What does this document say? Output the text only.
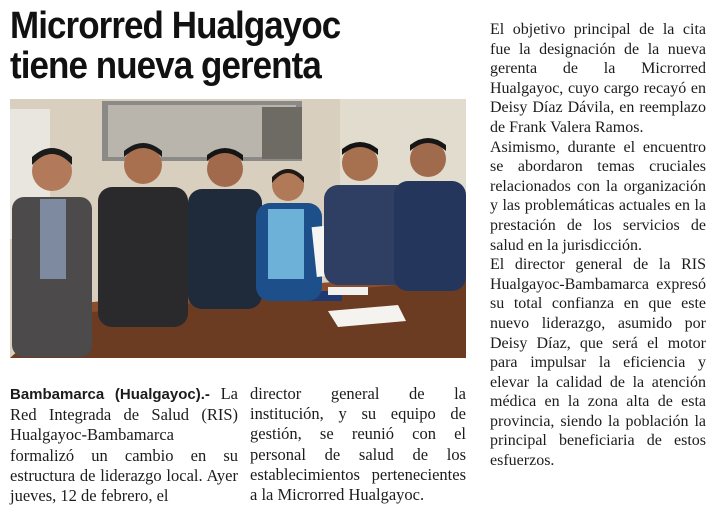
Microrred Hualgayoc
tiene nueva gerenta

Bambamarca (Hualgayoc).- La Red Integrada de Salud (RIS) Hualgayoc-Bambamarca formalizó un cambio en su estructura de liderazgo local. Ayer jueves, 12 de febrero, el

director general de la institución, y su equipo de gestión, se reunió con el personal de salud de los establecimientos pertenecientes a la Microrred Hualgayoc.

El objetivo principal de la cita fue la designación de la nueva gerenta de la Microrred Hualgayoc, cuyo cargo recayó en Deisy Díaz Dávila, en reemplazo de Frank Valera Ramos.

Asimismo, durante el encuentro se abordaron temas cruciales relacionados con la organización y las problemáticas actuales en la prestación de los servicios de salud en la jurisdicción.

El director general de la RIS Hualgayoc-Bambamarca expresó su total confianza en que este nuevo liderazgo, asumido por Deisy Díaz, que será el motor para impulsar la eficiencia y elevar la calidad de la atención médica en la zona alta de esta provincia, siendo la población la principal beneficiaria de estos esfuerzos.
